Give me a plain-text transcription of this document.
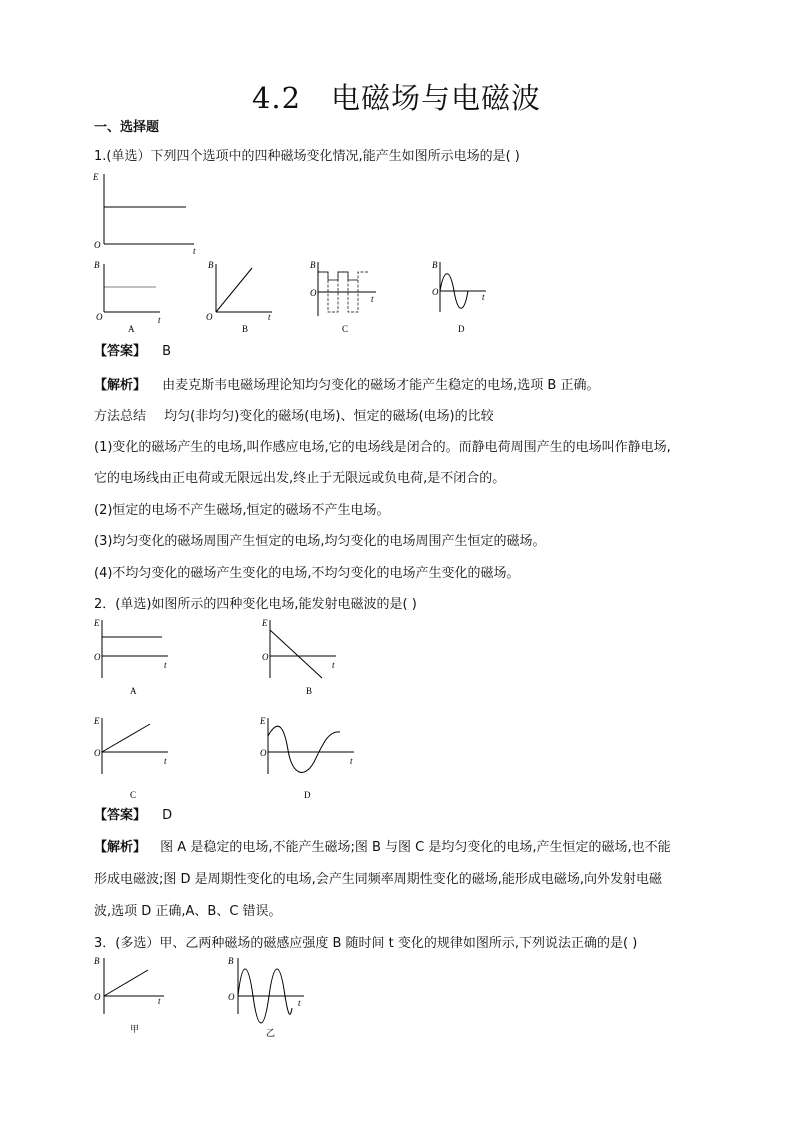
4.2　电磁场与电磁波
一、选择题
1.(单选）下列四个选项中的四种磁场变化情况,能产生如图所示电场的是( )
E
O
t
B
O	t
A
B
O	t
B
B
O
t
C
B
O	t
D
【答案】 B
【解析】 由麦克斯韦电磁场理论知均匀变化的磁场才能产生稳定的电场,选项 B 正确。
方法总结 均匀(非均匀)变化的磁场(电场)、恒定的磁场(电场)的比较
(1)变化的磁场产生的电场,叫作感应电场,它的电场线是闭合的。而静电荷周围产生的电场叫作静电场,
它的电场线由正电荷或无限远出发,终止于无限远或负电荷,是不闭合的。
(2)恒定的电场不产生磁场,恒定的磁场不产生电场。
(3)均匀变化的磁场周围产生恒定的电场,均匀变化的电场周围产生恒定的磁场。
(4)不均匀变化的磁场产生变化的电场,不均匀变化的电场产生变化的磁场。
2．(单选)如图所示的四种变化电场,能发射电磁波的是( )
E
O
t
A
E
O
t
B
E
O
t
C
E
O
t
D
【答案】 D
【解析】 图 A 是稳定的电场,不能产生磁场;图 B 与图 C 是均匀变化的电场,产生恒定的磁场,也不能
形成电磁波;图 D 是周期性变化的电场,会产生同频率周期性变化的磁场,能形成电磁场,向外发射电磁
波,选项 D 正确,A、B、C 错误。
3．(多选）甲、乙两种磁场的磁感应强度 B 随时间 t 变化的规律如图所示,下列说法正确的是( )
B
O	t
甲
B
O
t
乙
